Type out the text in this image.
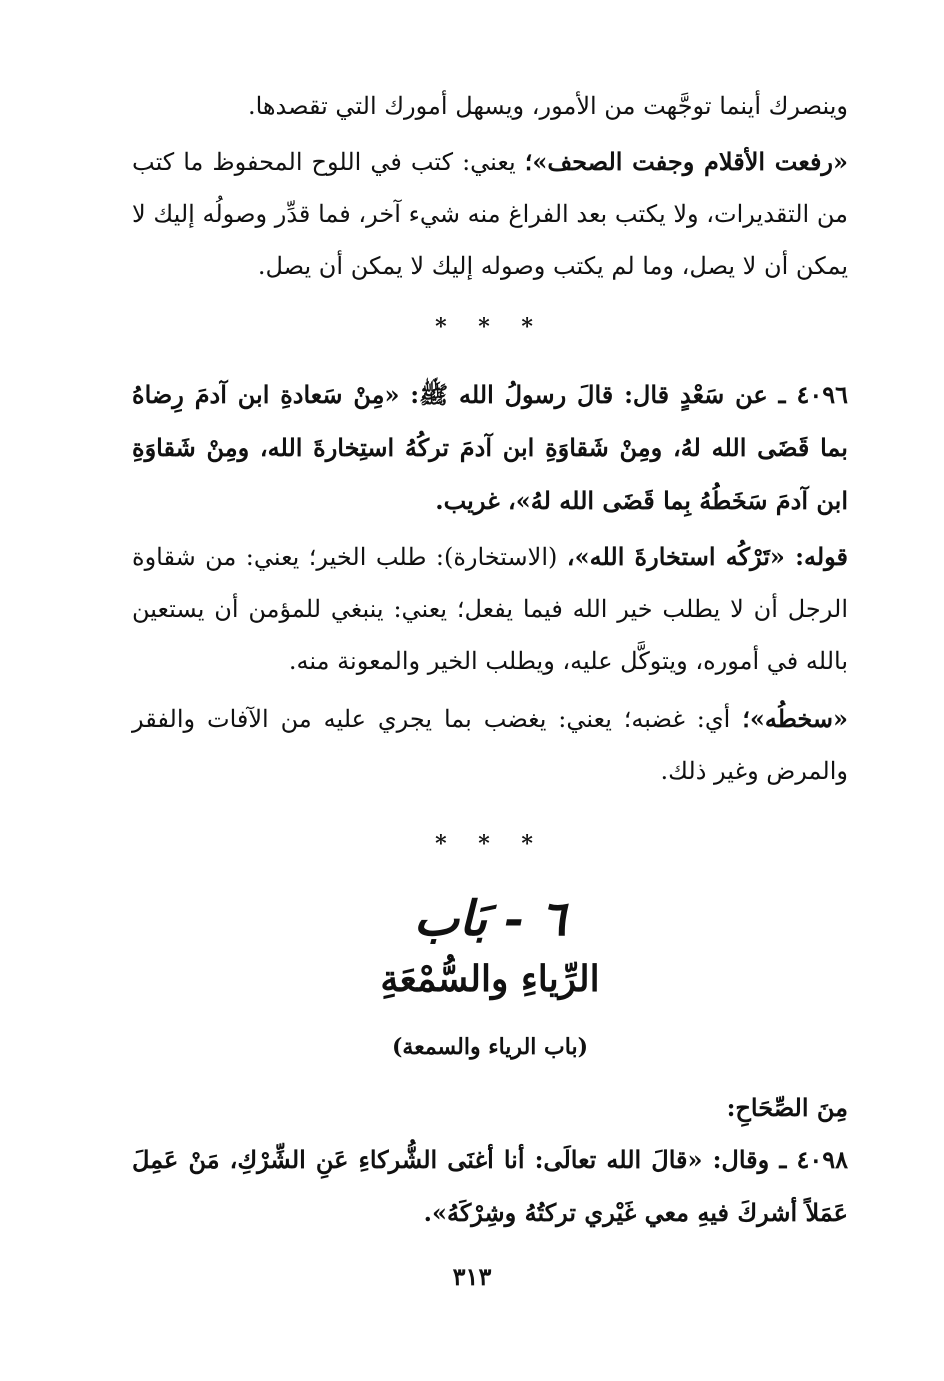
وينصرك أينما توجَّهت من الأمور، ويسهل أمورك التي تقصدها.

«رفعت الأقلام وجفت الصحف»؛ يعني: كتب في اللوح المحفوظ ما كتب من التقديرات، ولا يكتب بعد الفراغ منه شيء آخر، فما قدِّر وصولُه إليك لا يمكن أن لا يصل، وما لم يكتب وصوله إليك لا يمكن أن يصل.

* * *

٤٠٩٦ ـ عن سَعْدٍ قال: قالَ رسولُ الله ﷺ: «مِنْ سَعادةِ ابن آدمَ رِضاهُ بما قَضَى الله لهُ، ومِنْ شَقاوَةِ ابن آدمَ تركُهُ استِخارةَ الله، ومِنْ شَقاوَةِ ابن آدمَ سَخَطُهُ بِما قَضَى الله لهُ»، غريب.

قوله: «تَرْكُه استخارةَ الله»، (الاستخارة): طلب الخير؛ يعني: من شقاوة الرجل أن لا يطلب خير الله فيما يفعل؛ يعني: ينبغي للمؤمن أن يستعين بالله في أموره، ويتوكَّل عليه، ويطلب الخير والمعونة منه.

«سخطُه»؛ أي: غضبه؛ يعني: يغضب بما يجري عليه من الآفات والفقر والمرض وغير ذلك.

* * *
٦ - بَاب
الرِّياءِ والسُّمْعَةِ
(باب الرياء والسمعة)
مِنَ الصِّحَاحِ:

٤٠٩٨ ـ وقال: «قالَ الله تعالَى: أنا أغنَى الشُّركاءِ عَنِ الشِّرْكِ، مَنْ عَمِلَ عَمَلاً أشركَ فيهِ معي غَيْري تركتُهُ وشِرْكَهُ».

٣١٣
